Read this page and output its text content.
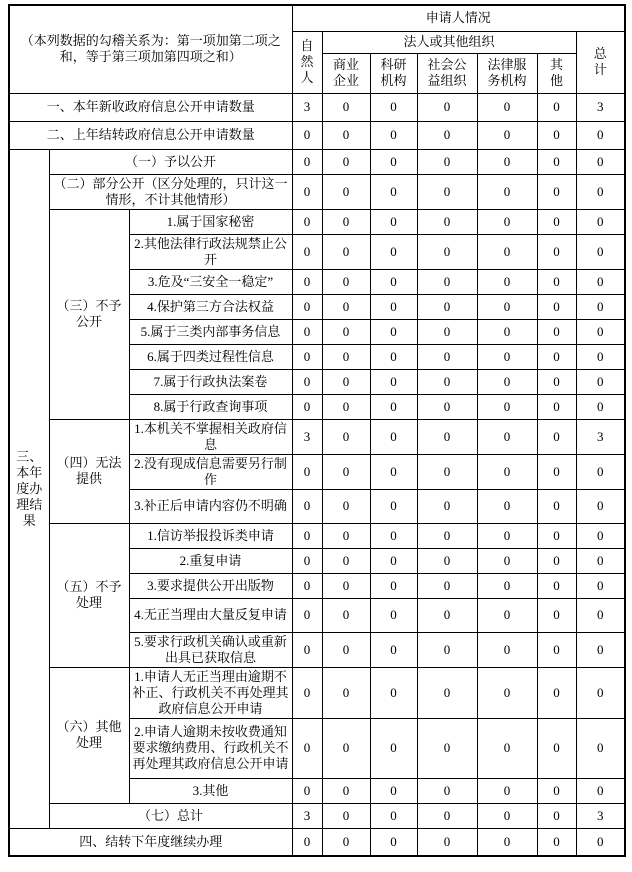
（本列数据的勾稽关系为：第一项加第二项之和，等于第三项加第四项之和）			申请人情况						
			自然人	法人或其他组织					总计
				商业企业	科研机构	社会公益组织	法律服务机构	其他	
一、本年新收政府信息公开申请数量			3	0	0	0	0	0	3
二、上年结转政府信息公开申请数量			0	0	0	0	0	0	0
三、本年度办理结果	（一）予以公开		0	0	0	0	0	0	0
	（二）部分公开（区分处理的，只计这一情形，不计其他情形）		0	0	0	0	0	0	0
	（三）不予公开	1.属于国家秘密	0	0	0	0	0	0	0
		2.其他法律行政法规禁止公开	0	0	0	0	0	0	0
		3.危及“三安全一稳定”	0	0	0	0	0	0	0
		4.保护第三方合法权益	0	0	0	0	0	0	0
		5.属于三类内部事务信息	0	0	0	0	0	0	0
		6.属于四类过程性信息	0	0	0	0	0	0	0
		7.属于行政执法案卷	0	0	0	0	0	0	0
		8.属于行政查询事项	0	0	0	0	0	0	0
	（四）无法提供	1.本机关不掌握相关政府信息	3	0	0	0	0	0	3
		2.没有现成信息需要另行制作	0	0	0	0	0	0	0
		3.补正后申请内容仍不明确	0	0	0	0	0	0	0
	（五）不予处理	1.信访举报投诉类申请	0	0	0	0	0	0	0
		2.重复申请	0	0	0	0	0	0	0
		3.要求提供公开出版物	0	0	0	0	0	0	0
		4.无正当理由大量反复申请	0	0	0	0	0	0	0
		5.要求行政机关确认或重新出具已获取信息	0	0	0	0	0	0	0
	（六）其他处理	1.申请人无正当理由逾期不补正、行政机关不再处理其政府信息公开申请	0	0	0	0	0	0	0
		2.申请人逾期未按收费通知要求缴纳费用、行政机关不再处理其政府信息公开申请	0	0	0	0	0	0	0
		3.其他	0	0	0	0	0	0	0
	（七）总计		3	0	0	0	0	0	3
四、结转下年度继续办理			0	0	0	0	0	0	0
